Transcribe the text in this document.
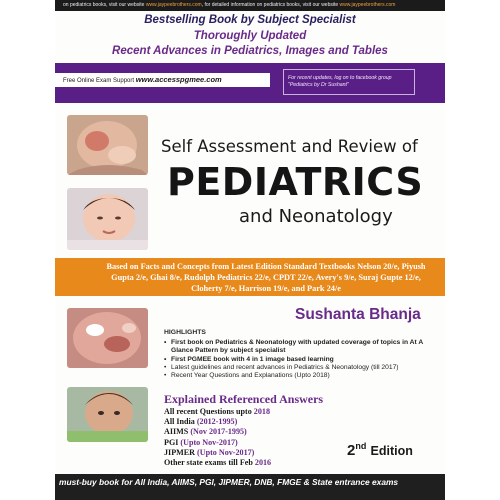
on pediatrics books, visit our website www.jaypeebrothers.com, for detailed information on pediatrics books, visit our website www.jaypeebrothers.com
Bestselling Book by Subject Specialist
Thoroughly Updated
Recent Advances in Pediatrics, Images and Tables
Free Online Exam Support www.accesspgmee.com	For recent updates, log on to facebook group "Pediatrics by Dr Sushant"
Self Assessment and Review of
PEDIATRICS
and Neonatology
Based on Facts and Concepts from Latest Edition Standard Textbooks Nelson 20/e, Piyush Gupta 2/e, Ghai 8/e, Rudolph Pediatrics 22/e, CPDT 22/e, Avery's 9/e, Suraj Gupte 12/e, Cloherty 7/e, Harrison 19/e, and Park 24/e
Sushanta Bhanja
HIGHLIGHTS
• First book on Pediatrics & Neonatology with updated coverage of topics in At A Glance Pattern by subject specialist
• First PGMEE book with 4 in 1 image based learning
• Latest guidelines and recent advances in Pediatrics & Neonatology (till 2017)
• Recent Year Questions and Explanations (Upto 2018)
Explained Referenced Answers
All recent Questions upto 2018
All India (2012-1995)
AIIMS (Nov 2017-1995)
PGI (Upto Nov-2017)
JIPMER (Upto Nov-2017)
Other state exams till Feb 2016
2nd Edition
must-buy book for All India, AIIMS, PGI, JIPMER, DNB, FMGE & State entrance exams
